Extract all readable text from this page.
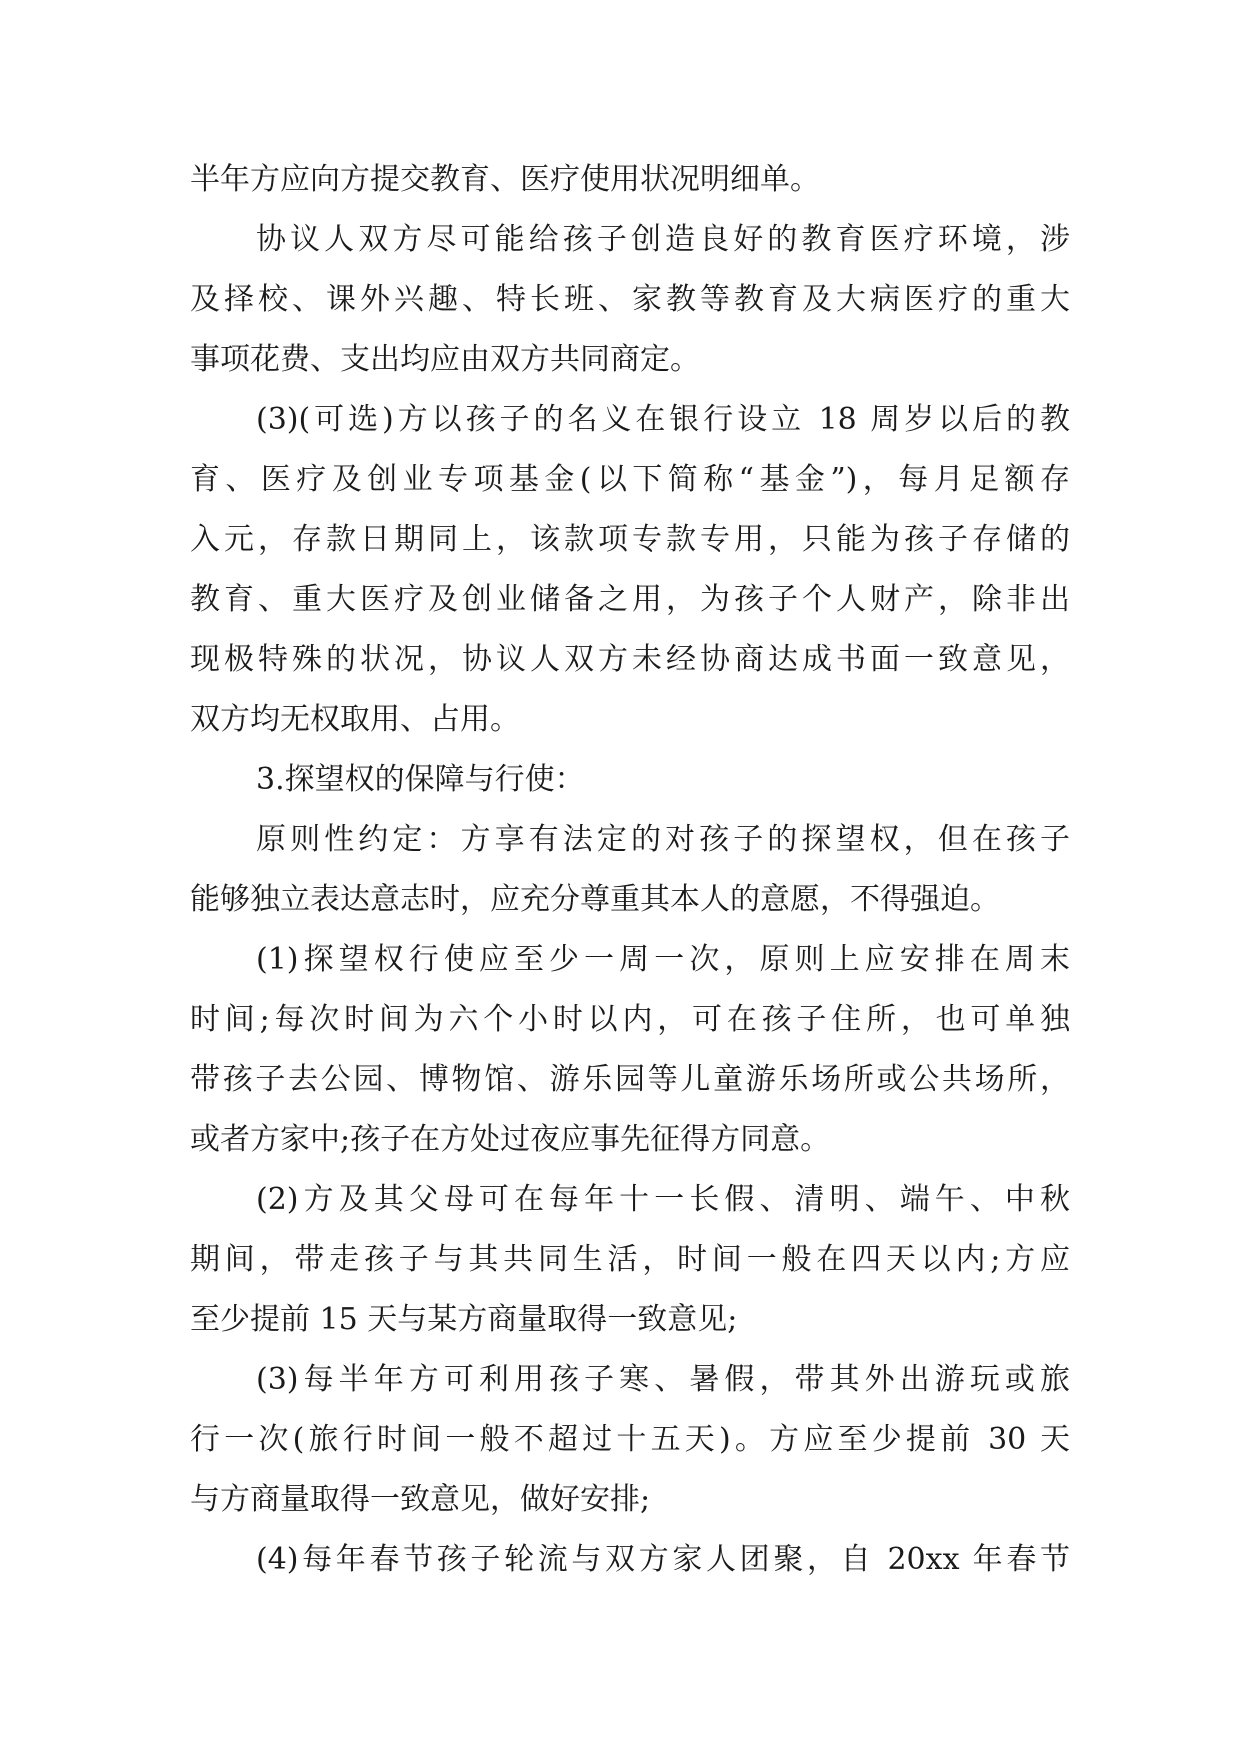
半年方应向方提交教育、医疗使用状况明细单。
协议人双方尽可能给孩子创造良好的教育医疗环境，涉
及择校、课外兴趣、特长班、家教等教育及大病医疗的重大
事项花费、支出均应由双方共同商定。
(3)(可选)方以孩子的名义在银行设立 18 周岁以后的教
育、医疗及创业专项基金(以下简称“基金”)，每月足额存
入元，存款日期同上，该款项专款专用，只能为孩子存储的
教育、重大医疗及创业储备之用，为孩子个人财产，除非出
现极特殊的状况，协议人双方未经协商达成书面一致意见，
双方均无权取用、占用。
3.探望权的保障与行使：
原则性约定：方享有法定的对孩子的探望权，但在孩子
能够独立表达意志时，应充分尊重其本人的意愿，不得强迫。
(1)探望权行使应至少一周一次，原则上应安排在周末
时间;每次时间为六个小时以内，可在孩子住所，也可单独
带孩子去公园、博物馆、游乐园等儿童游乐场所或公共场所，
或者方家中;孩子在方处过夜应事先征得方同意。
(2)方及其父母可在每年十一长假、清明、端午、中秋
期间，带走孩子与其共同生活，时间一般在四天以内;方应
至少提前 15 天与某方商量取得一致意见;
(3)每半年方可利用孩子寒、暑假，带其外出游玩或旅
行一次(旅行时间一般不超过十五天)。方应至少提前 30 天
与方商量取得一致意见，做好安排;
(4)每年春节孩子轮流与双方家人团聚，自 20xx 年春节
